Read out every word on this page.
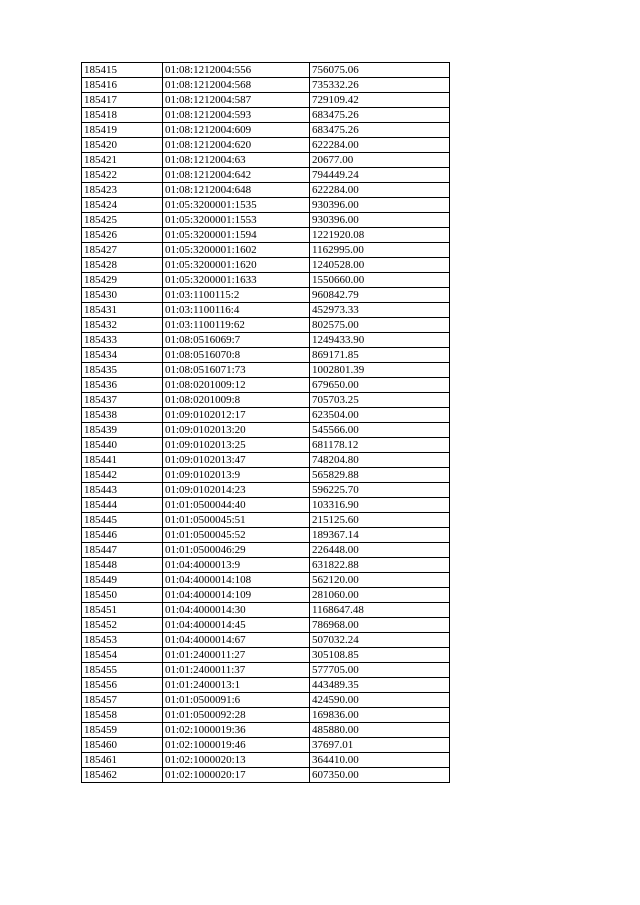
185415	01:08:1212004:556	756075.06
185416	01:08:1212004:568	735332.26
185417	01:08:1212004:587	729109.42
185418	01:08:1212004:593	683475.26
185419	01:08:1212004:609	683475.26
185420	01:08:1212004:620	622284.00
185421	01:08:1212004:63	20677.00
185422	01:08:1212004:642	794449.24
185423	01:08:1212004:648	622284.00
185424	01:05:3200001:1535	930396.00
185425	01:05:3200001:1553	930396.00
185426	01:05:3200001:1594	1221920.08
185427	01:05:3200001:1602	1162995.00
185428	01:05:3200001:1620	1240528.00
185429	01:05:3200001:1633	1550660.00
185430	01:03:1100115:2	960842.79
185431	01:03:1100116:4	452973.33
185432	01:03:1100119:62	802575.00
185433	01:08:0516069:7	1249433.90
185434	01:08:0516070:8	869171.85
185435	01:08:0516071:73	1002801.39
185436	01:08:0201009:12	679650.00
185437	01:08:0201009:8	705703.25
185438	01:09:0102012:17	623504.00
185439	01:09:0102013:20	545566.00
185440	01:09:0102013:25	681178.12
185441	01:09:0102013:47	748204.80
185442	01:09:0102013:9	565829.88
185443	01:09:0102014:23	596225.70
185444	01:01:0500044:40	103316.90
185445	01:01:0500045:51	215125.60
185446	01:01:0500045:52	189367.14
185447	01:01:0500046:29	226448.00
185448	01:04:4000013:9	631822.88
185449	01:04:4000014:108	562120.00
185450	01:04:4000014:109	281060.00
185451	01:04:4000014:30	1168647.48
185452	01:04:4000014:45	786968.00
185453	01:04:4000014:67	507032.24
185454	01:01:2400011:27	305108.85
185455	01:01:2400011:37	577705.00
185456	01:01:2400013:1	443489.35
185457	01:01:0500091:6	424590.00
185458	01:01:0500092:28	169836.00
185459	01:02:1000019:36	485880.00
185460	01:02:1000019:46	37697.01
185461	01:02:1000020:13	364410.00
185462	01:02:1000020:17	607350.00
